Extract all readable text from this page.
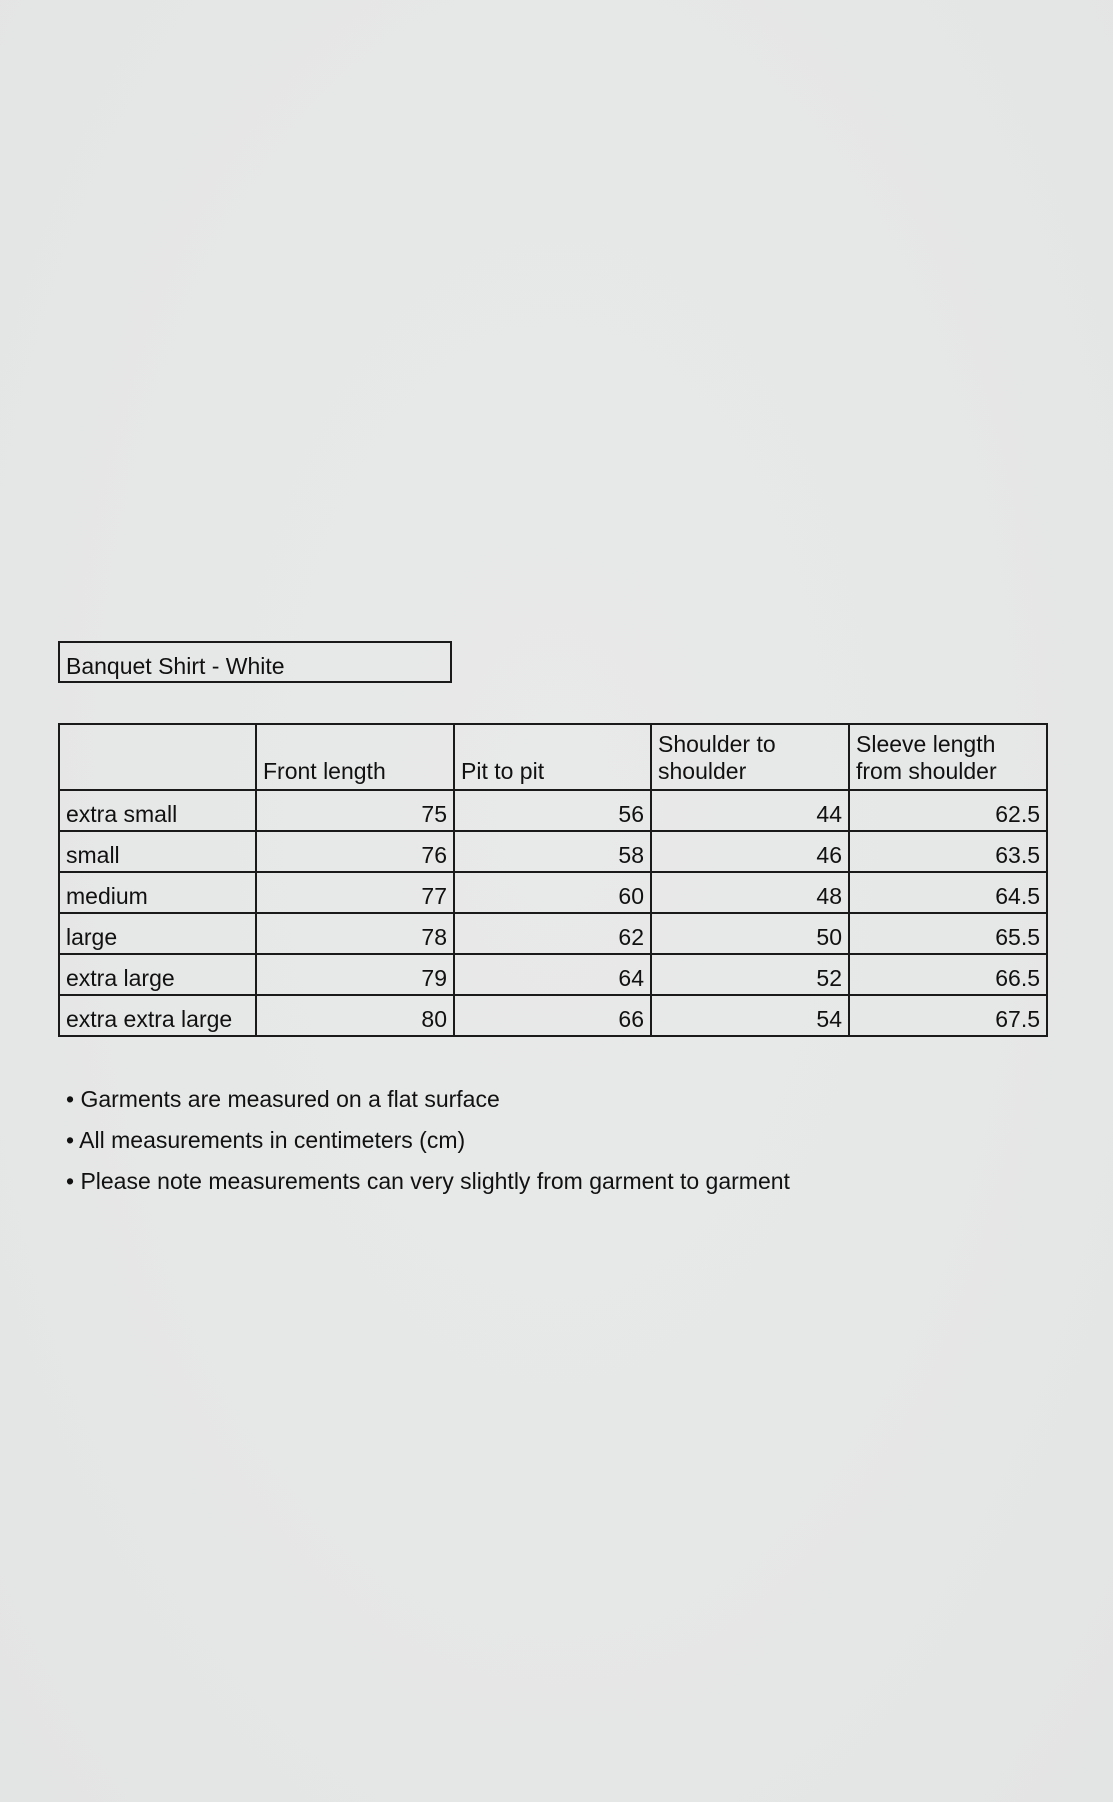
Banquet Shirt - White
	Front length	Pit to pit	Shoulder to shoulder	Sleeve length from shoulder
extra small	75	56	44	62.5
small	76	58	46	63.5
medium	77	60	48	64.5
large	78	62	50	65.5
extra large	79	64	52	66.5
extra extra large	80	66	54	67.5
• Garments are measured on a flat surface
• All measurements in centimeters (cm)
• Please note measurements can very slightly from garment to garment
